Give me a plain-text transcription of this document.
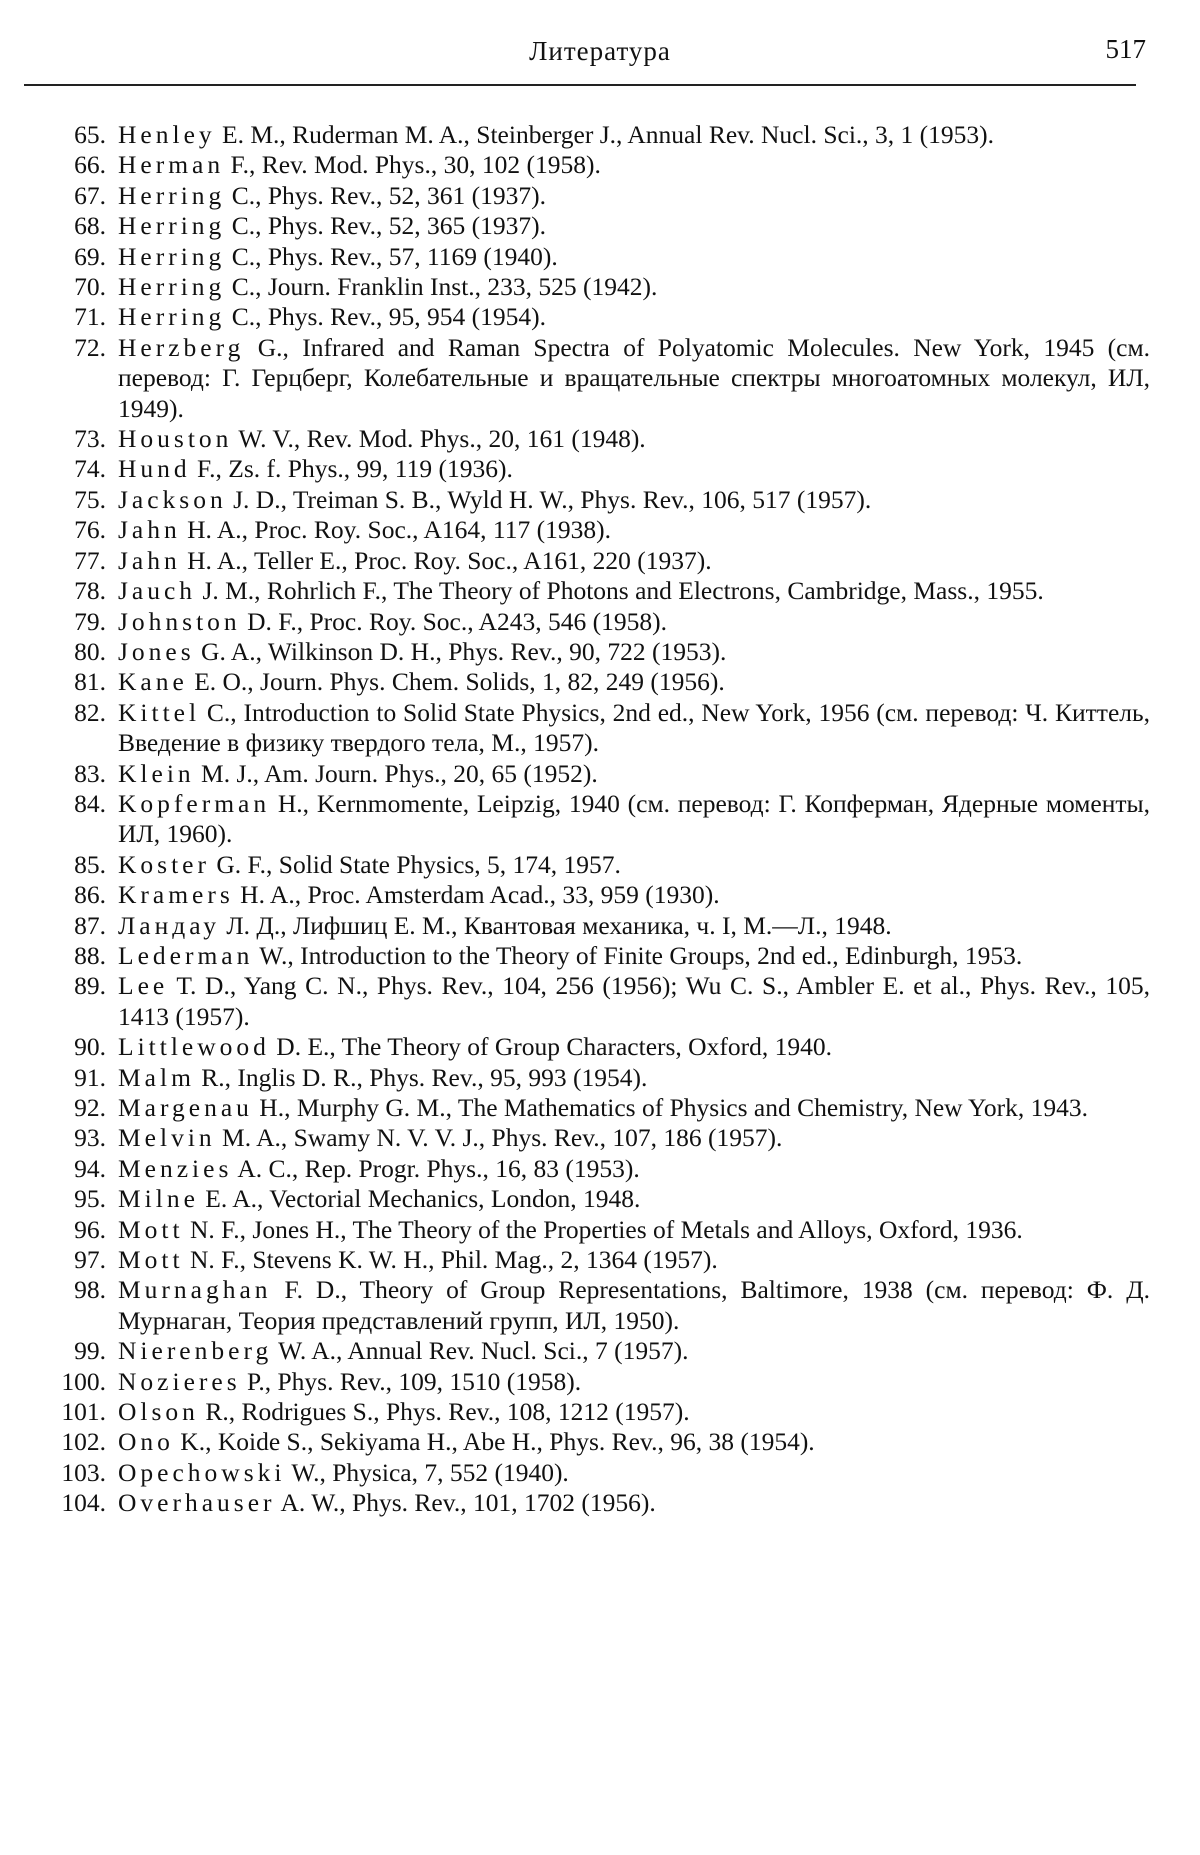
Литература	517
65. Henley E. M., Ruderman M. A., Steinberger J., Annual Rev. Nucl. Sci., 3, 1 (1953).
66. Herman F., Rev. Mod. Phys., 30, 102 (1958).
67. Herring C., Phys. Rev., 52, 361 (1937).
68. Herring C., Phys. Rev., 52, 365 (1937).
69. Herring C., Phys. Rev., 57, 1169 (1940).
70. Herring C., Journ. Franklin Inst., 233, 525 (1942).
71. Herring C., Phys. Rev., 95, 954 (1954).
72. Herzberg G., Infrared and Raman Spectra of Polyatomic Molecules. New York, 1945 (см. перевод: Г. Герцберг, Колебательные и вращательные спектры многоатомных молекул, ИЛ, 1949).
73. Houston W. V., Rev. Mod. Phys., 20, 161 (1948).
74. Hund F., Zs. f. Phys., 99, 119 (1936).
75. Jackson J. D., Treiman S. B., Wyld H. W., Phys. Rev., 106, 517 (1957).
76. Jahn H. A., Proc. Roy. Soc., A164, 117 (1938).
77. Jahn H. A., Teller E., Proc. Roy. Soc., A161, 220 (1937).
78. Jauch J. M., Rohrlich F., The Theory of Photons and Electrons, Cambridge, Mass., 1955.
79. Johnston D. F., Proc. Roy. Soc., A243, 546 (1958).
80. Jones G. A., Wilkinson D. H., Phys. Rev., 90, 722 (1953).
81. Kane E. O., Journ. Phys. Chem. Solids, 1, 82, 249 (1956).
82. Kittel C., Introduction to Solid State Physics, 2nd ed., New York, 1956 (см. перевод: Ч. Киттель, Введение в физику твердого тела, М., 1957).
83. Klein M. J., Am. Journ. Phys., 20, 65 (1952).
84. Kopferman H., Kernmomente, Leipzig, 1940 (см. перевод: Г. Копферман, Ядерные моменты, ИЛ, 1960).
85. Koster G. F., Solid State Physics, 5, 174, 1957.
86. Kramers H. A., Proc. Amsterdam Acad., 33, 959 (1930).
87. Ландау Л. Д., Лифшиц Е. М., Квантовая механика, ч. I, М.—Л., 1948.
88. Lederman W., Introduction to the Theory of Finite Groups, 2nd ed., Edinburgh, 1953.
89. Lee T. D., Yang C. N., Phys. Rev., 104, 256 (1956); Wu C. S., Ambler E. et al., Phys. Rev., 105, 1413 (1957).
90. Littlewood D. E., The Theory of Group Characters, Oxford, 1940.
91. Malm R., Inglis D. R., Phys. Rev., 95, 993 (1954).
92. Margenau H., Murphy G. M., The Mathematics of Physics and Chemistry, New York, 1943.
93. Melvin M. A., Swamy N. V. V. J., Phys. Rev., 107, 186 (1957).
94. Menzies A. C., Rep. Progr. Phys., 16, 83 (1953).
95. Milne E. A., Vectorial Mechanics, London, 1948.
96. Mott N. F., Jones H., The Theory of the Properties of Metals and Alloys, Oxford, 1936.
97. Mott N. F., Stevens K. W. H., Phil. Mag., 2, 1364 (1957).
98. Murnaghan F. D., Theory of Group Representations, Baltimore, 1938 (см. перевод: Ф. Д. Мурнаган, Теория представлений групп, ИЛ, 1950).
99. Nierenberg W. A., Annual Rev. Nucl. Sci., 7 (1957).
100. Nozieres P., Phys. Rev., 109, 1510 (1958).
101. Olson R., Rodrigues S., Phys. Rev., 108, 1212 (1957).
102. Ono K., Koide S., Sekiyama H., Abe H., Phys. Rev., 96, 38 (1954).
103. Opechowski W., Physica, 7, 552 (1940).
104. Overhauser A. W., Phys. Rev., 101, 1702 (1956).
